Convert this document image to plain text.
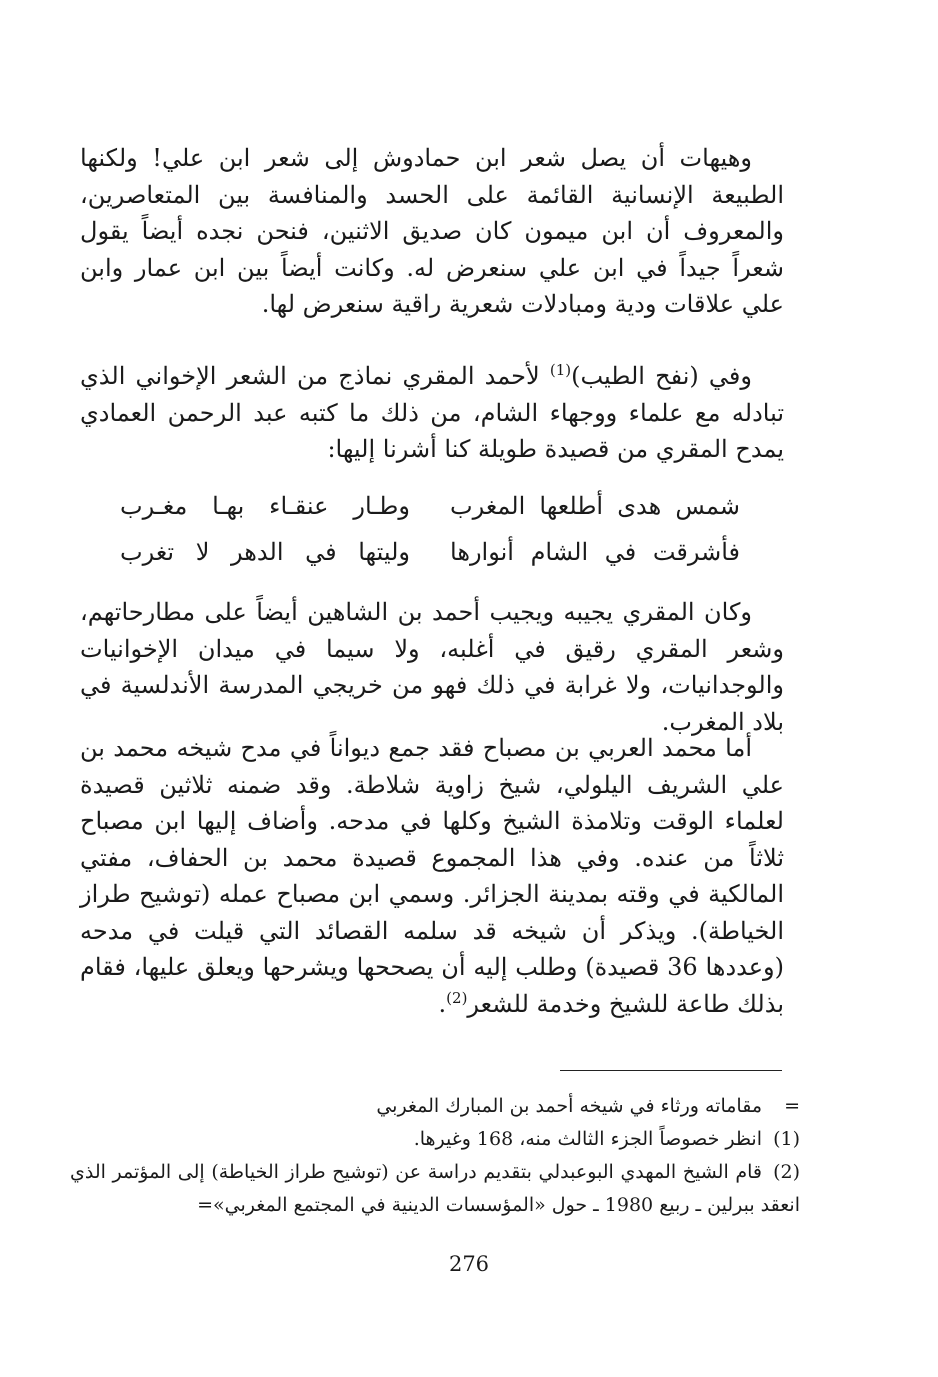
وهيهات أن يصل شعر ابن حمادوش إلى شعر ابن علي! ولكنها الطبيعة الإنسانية القائمة على الحسد والمنافسة بين المتعاصرين، والمعروف أن ابن ميمون كان صديق الاثنين، فنحن نجده أيضاً يقول شعراً جيداً في ابن علي سنعرض له. وكانت أيضاً بين ابن عمار وابن علي علاقات ودية ومبادلات شعرية راقية سنعرض لها.

وفي (نفح الطيب)$^{(1)}$ لأحمد المقري نماذج من الشعر الإخواني الذي تبادله مع علماء ووجهاء الشام، من ذلك ما كتبه عبد الرحمن العمادي يمدح المقري من قصيدة طويلة كنا أشرنا إليها:

شمس هدى أطلعها المغرب
وطـار عنقـاء بهـا مغـرب
فأشرقت في الشام أنوارها
وليتها في الدهر لا تغرب

وكان المقري يجيبه ويجيب أحمد بن الشاهين أيضاً على مطارحاتهم، وشعر المقري رقيق في أغلبه، ولا سيما في ميدان الإخوانيات والوجدانيات، ولا غرابة في ذلك فهو من خريجي المدرسة الأندلسية في بلاد المغرب.

أما محمد العربي بن مصباح فقد جمع ديواناً في مدح شيخه محمد بن علي الشريف اليلولي، شيخ زاوية شلاطة. وقد ضمنه ثلاثين قصيدة لعلماء الوقت وتلامذة الشيخ وكلها في مدحه. وأضاف إليها ابن مصباح ثلاثاً من عنده. وفي هذا المجموع قصيدة محمد بن الحفاف، مفتي المالكية في وقته بمدينة الجزائر. وسمي ابن مصباح عمله (توشيح طراز الخياطة). ويذكر أن شيخه قد سلمه القصائد التي قيلت في مدحه (وعددها 36 قصيدة) وطلب إليه أن يصححها ويشرحها ويعلق عليها، فقام بذلك طاعة للشيخ وخدمة للشعر$^{(2)}$.

=مقاماته ورثاء في شيخه أحمد بن المبارك المغربي

(1)انظر خصوصاً الجزء الثالث منه، 168 وغيرها.

(2)قام الشيخ المهدي البوعبدلي بتقديم دراسة عن (توشيح طراز الخياطة) إلى المؤتمر الذي انعقد ببرلين ـ ربيع 1980 ـ حول «المؤسسات الدينية في المجتمع المغربي»=

276
